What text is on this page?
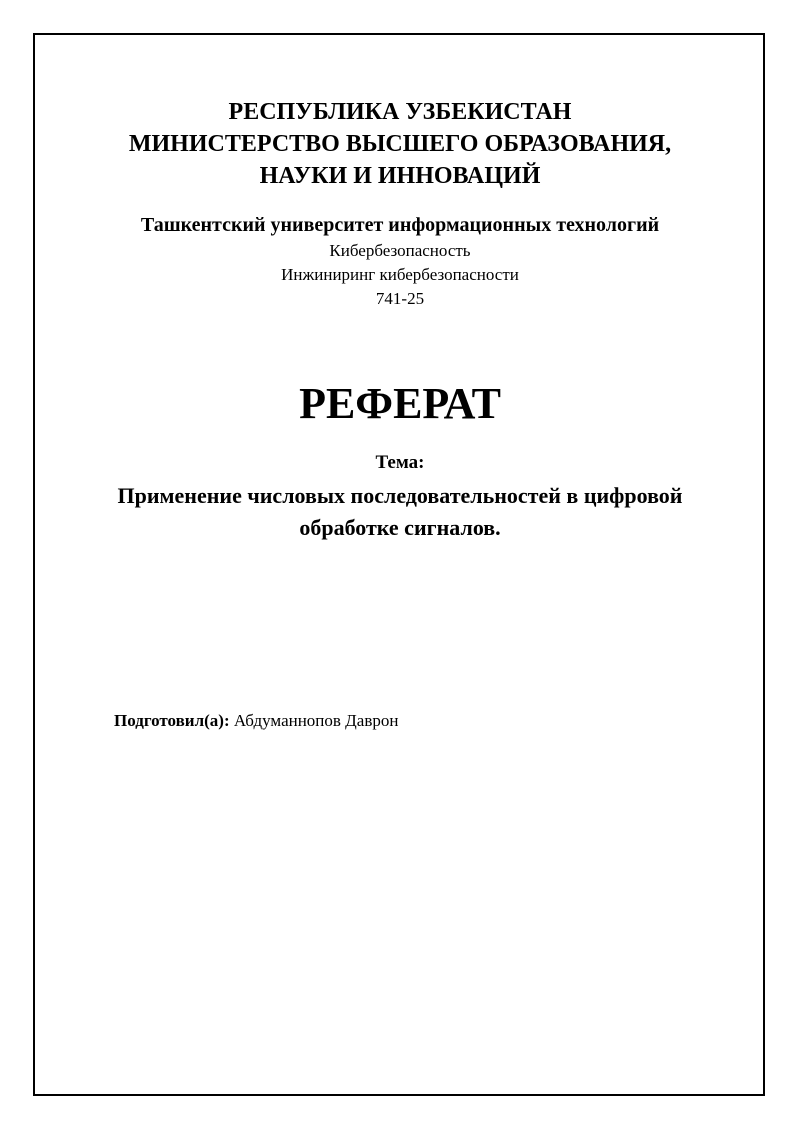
РЕСПУБЛИКА УЗБЕКИСТАН

МИНИСТЕРСТВО ВЫСШЕГО ОБРАЗОВАНИЯ,

НАУКИ И ИННОВАЦИЙ

Ташкентский университет информационных технологий

Кибербезопасность

Инжиниринг кибербезопасности

741-25

РЕФЕРАТ

Тема:

Применение числовых последовательностей в цифровой обработке сигналов.

Подготовил(а): Абдуманнопов Даврон
